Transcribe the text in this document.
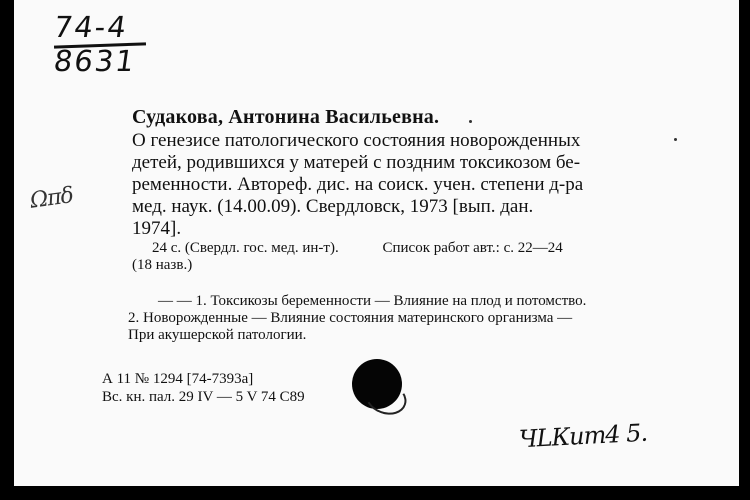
74-4
8631
Ωπδ
Судакова, Антонина Васильевна.
О генезисе патологического состояния новорожденных
детей, родившихся у матерей с поздним токсикозом бе-
ременности. Автореф. дис. на соиск. учен. степени д-ра
мед. наук. (14.00.09). Свердловск, 1973 [вып. дан.
1974].
24 с. (Свердл. гос. мед. ин-т).	Список работ авт.: с. 22—24
(18 назв.)
— — 1. Токсикозы беременности — Влияние на плод и потомство.
2. Новорожденные — Влияние состояния материнского организма —
При акушерской патологии.
А 11 № 1294 [74-7393а]
Вс. кн. пал. 29 IV — 5 V 74 С89
ЧLКит4 5.
